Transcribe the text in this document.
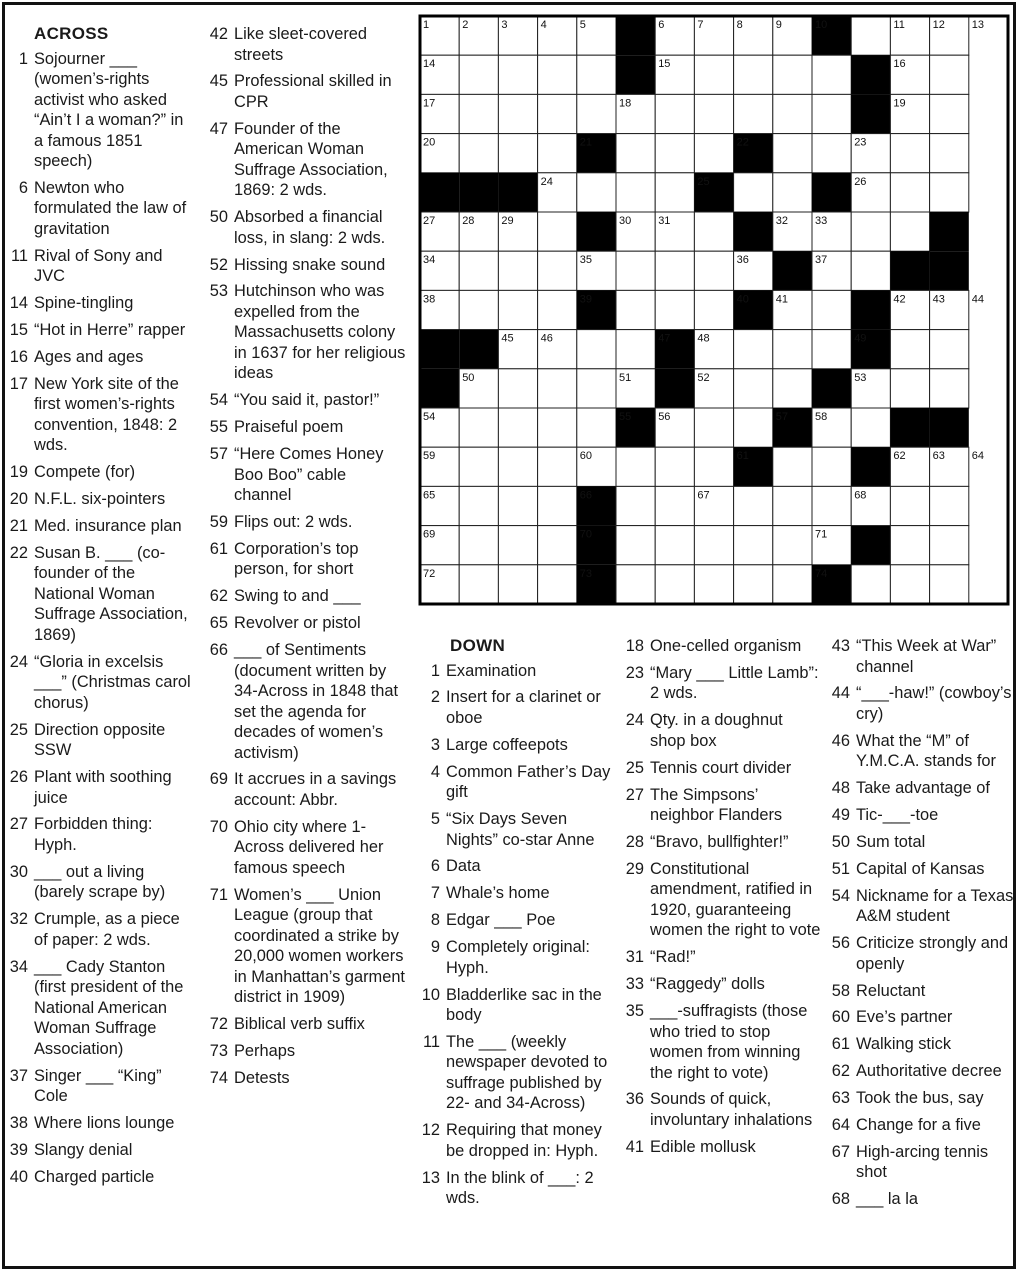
ACROSS
1 Sojourner ___ (women’s-rights activist who asked “Ain’t I a woman?” in a famous 1851 speech)
6 Newton who formulated the law of gravitation
11 Rival of Sony and JVC
14 Spine-tingling
15 “Hot in Herre” rapper
16 Ages and ages
17 New York site of the first women’s-rights convention, 1848: 2 wds.
19 Compete (for)
20 N.F.L. six-pointers
21 Med. insurance plan
22 Susan B. ___ (co-founder of the National Woman Suffrage Association, 1869)
24 “Gloria in excelsis ___” (Christmas carol chorus)
25 Direction opposite SSW
26 Plant with soothing juice
27 Forbidden thing: Hyph.
30 ___ out a living (barely scrape by)
32 Crumple, as a piece of paper: 2 wds.
34 ___ Cady Stanton (first president of the National American Woman Suffrage Association)
37 Singer ___ “King” Cole
38 Where lions lounge
39 Slangy denial
40 Charged particle
42 Like sleet-covered streets
45 Professional skilled in CPR
47 Founder of the American Woman Suffrage Association, 1869: 2 wds.
50 Absorbed a financial loss, in slang: 2 wds.
52 Hissing snake sound
53 Hutchinson who was expelled from the Massachusetts colony in 1637 for her religious ideas
54 “You said it, pastor!”
55 Praiseful poem
57 “Here Comes Honey Boo Boo” cable channel
59 Flips out: 2 wds.
61 Corporation’s top person, for short
62 Swing to and ___
65 Revolver or pistol
66 ___ of Sentiments (document written by 34-Across in 1848 that set the agenda for decades of women’s activism)
69 It accrues in a savings account: Abbr.
70 Ohio city where 1-Across delivered her famous speech
71 Women’s ___ Union League (group that coordinated a strike by 20,000 women workers in Manhattan’s garment district in 1909)
72 Biblical verb suffix
73 Perhaps
74 Detests
1	2	3	4	5	6	7	8	9	10	11	12 13
14	15	16
17	18	19
20	21	22	23
24	25	26
27 28 29	30 31	32 33
34	35	36	37
38	39	40 41	42 43 44
45 46	47 48	49
50	51	52	53
54	55 56	57 58
59	60	61	62 63 64
65	66	67	68
69	70	71
72	73	74
DOWN
1 Examination
2 Insert for a clarinet or oboe
3 Large coffeepots
4 Common Father’s Day gift
5 “Six Days Seven Nights” co-star Anne
6 Data
7 Whale’s home
8 Edgar ___ Poe
9 Completely original: Hyph.
10 Bladderlike sac in the body
11 The ___ (weekly newspaper devoted to suffrage published by 22- and 34-Across)
12 Requiring that money be dropped in: Hyph.
13 In the blink of ___: 2 wds.
18 One-celled organism
23 “Mary ___ Little Lamb”: 2 wds.
24 Qty. in a doughnut shop box
25 Tennis court divider
27 The Simpsons’ neighbor Flanders
28 “Bravo, bullfighter!”
29 Constitutional amendment, ratified in 1920, guaranteeing women the right to vote
31 “Rad!”
33 “Raggedy” dolls
35 ___-suffragists (those who tried to stop women from winning the right to vote)
36 Sounds of quick, involuntary inhalations
41 Edible mollusk
43 “This Week at War” channel
44 “___-haw!” (cowboy’s cry)
46 What the “M” of Y.M.C.A. stands for
48 Take advantage of
49 Tic-___-toe
50 Sum total
51 Capital of Kansas
54 Nickname for a Texas A&M student
56 Criticize strongly and openly
58 Reluctant
60 Eve’s partner
61 Walking stick
62 Authoritative decree
63 Took the bus, say
64 Change for a five
67 High-arcing tennis shot
68 ___ la la
